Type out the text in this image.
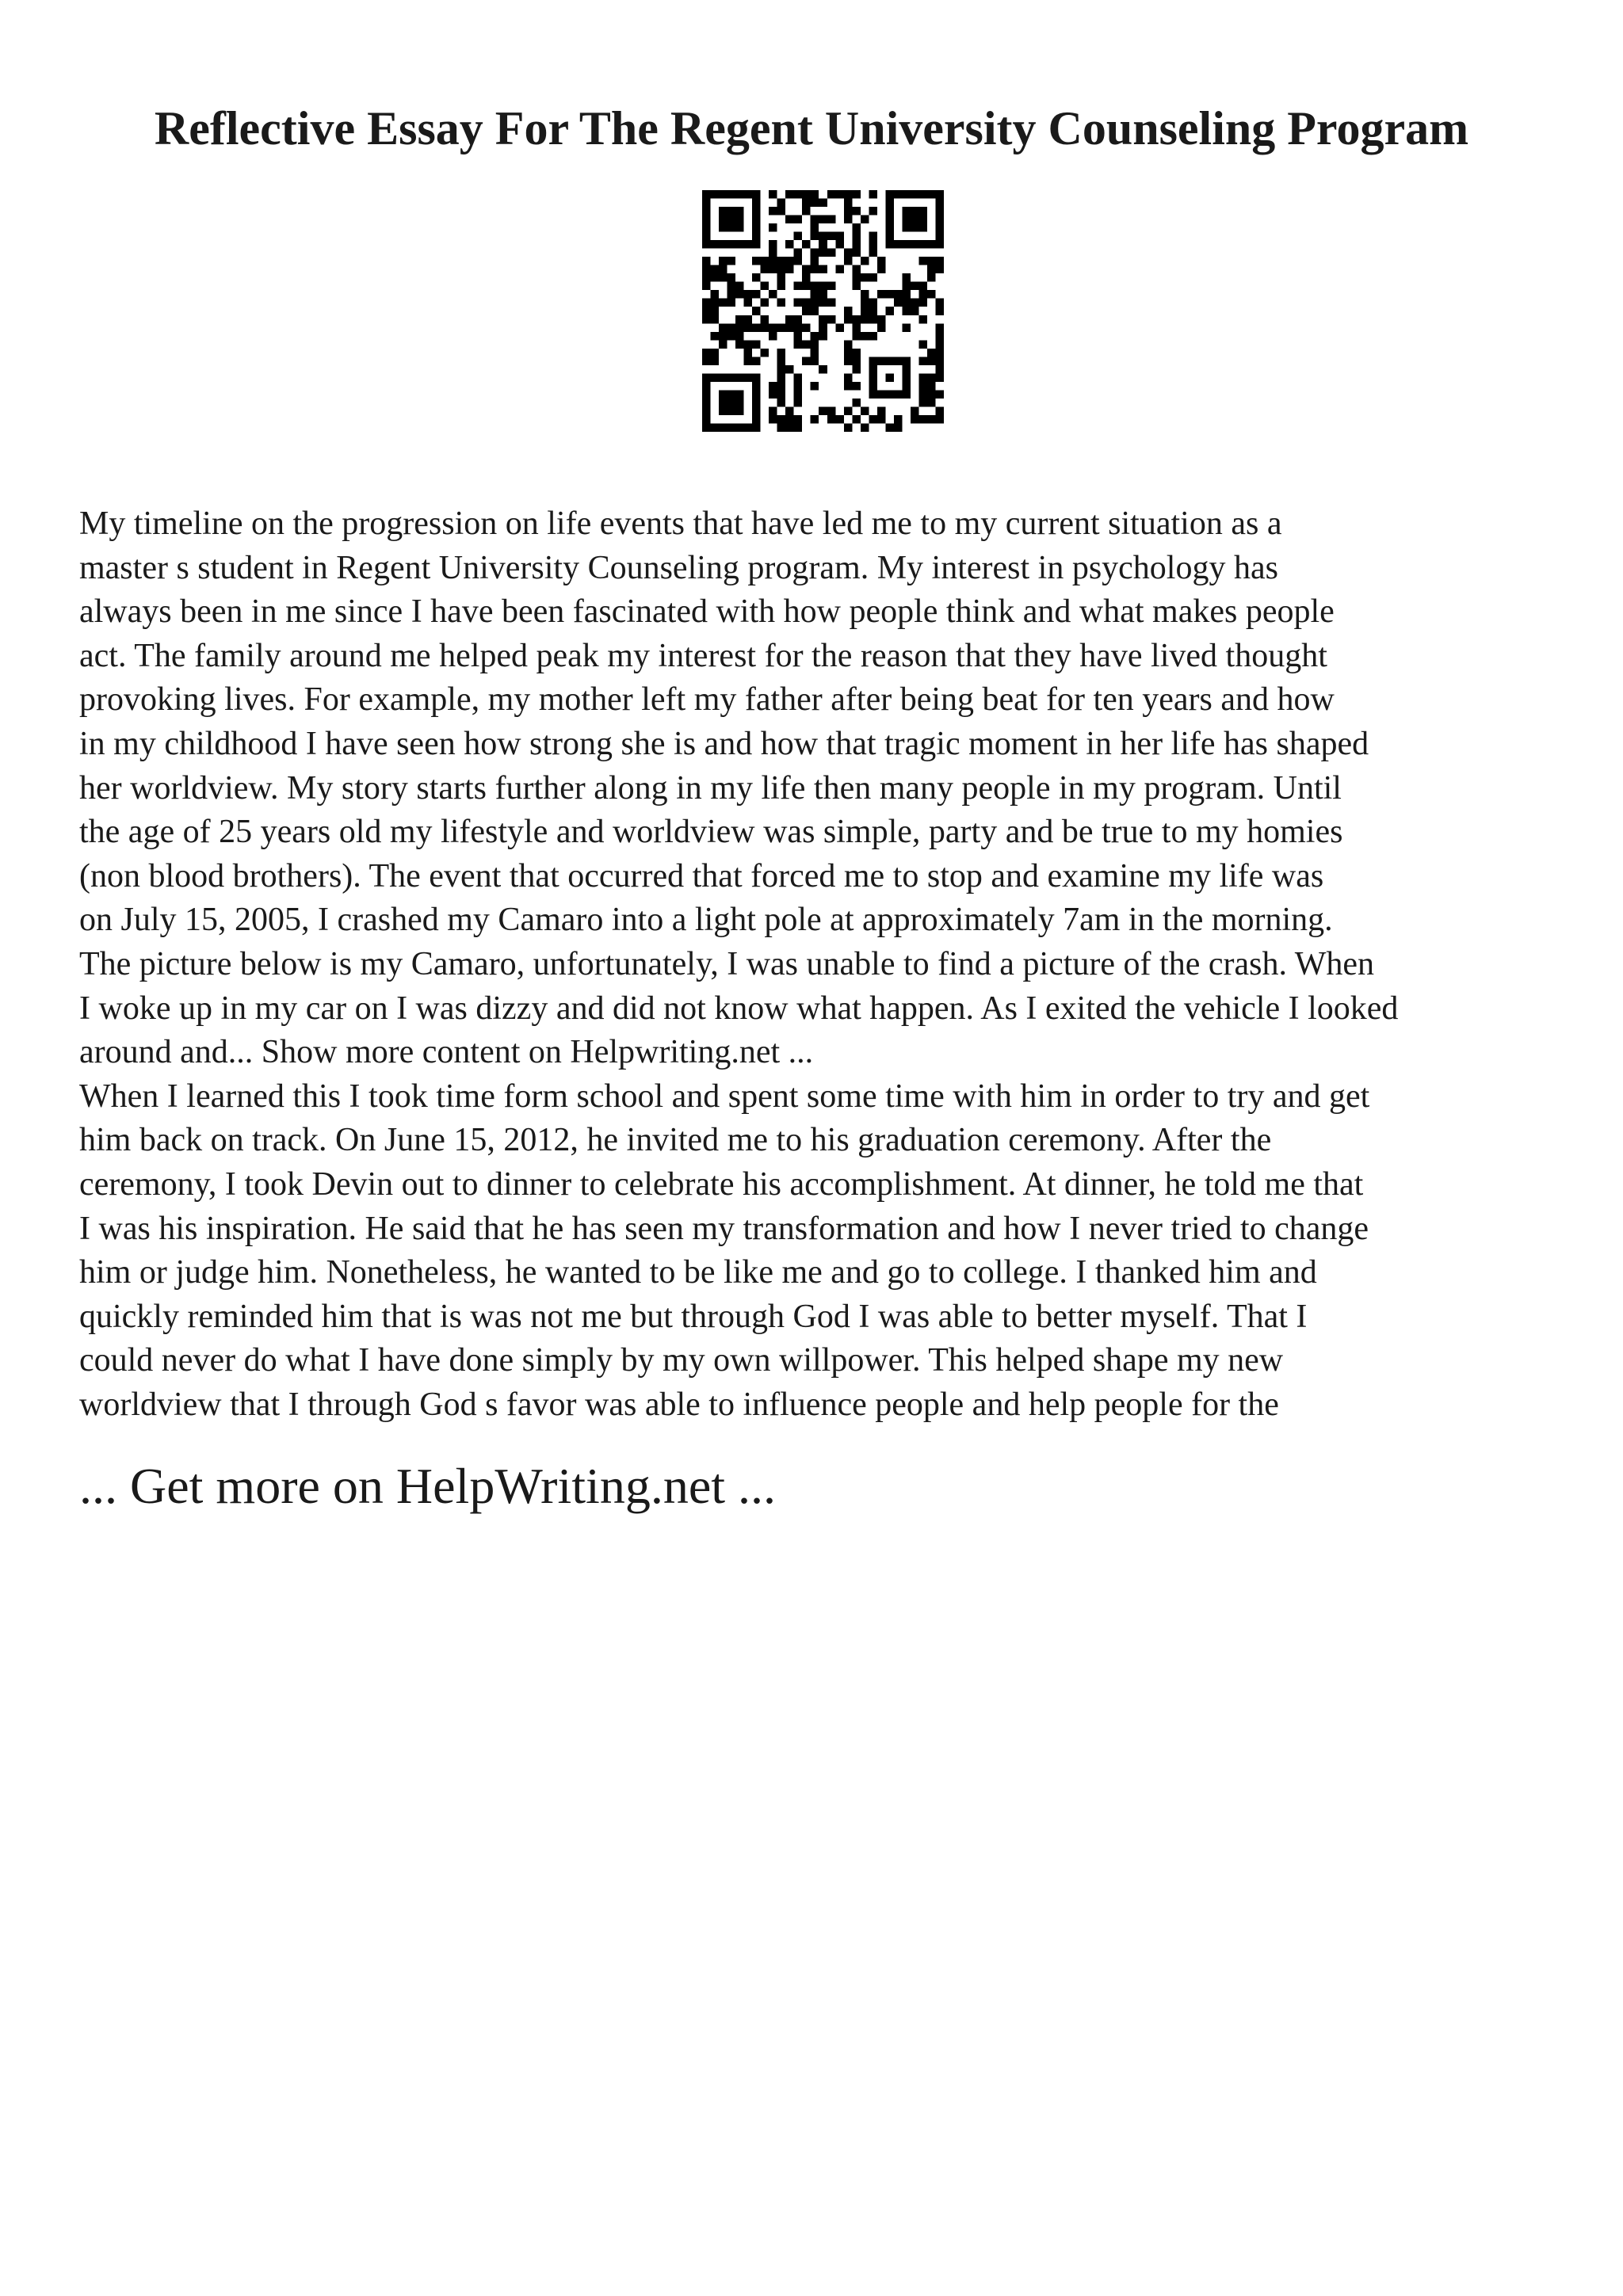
Reflective Essay For The Regent University Counseling Program
My timeline on the progression on life events that have led me to my current situation as a
master s student in Regent University Counseling program. My interest in psychology has
always been in me since I have been fascinated with how people think and what makes people
act. The family around me helped peak my interest for the reason that they have lived thought
provoking lives. For example, my mother left my father after being beat for ten years and how
in my childhood I have seen how strong she is and how that tragic moment in her life has shaped
her worldview. My story starts further along in my life then many people in my program. Until
the age of 25 years old my lifestyle and worldview was simple, party and be true to my homies
(non blood brothers). The event that occurred that forced me to stop and examine my life was
on July 15, 2005, I crashed my Camaro into a light pole at approximately 7am in the morning.
The picture below is my Camaro, unfortunately, I was unable to find a picture of the crash. When
I woke up in my car on I was dizzy and did not know what happen. As I exited the vehicle I looked
around and... Show more content on Helpwriting.net ...
When I learned this I took time form school and spent some time with him in order to try and get
him back on track. On June 15, 2012, he invited me to his graduation ceremony. After the
ceremony, I took Devin out to dinner to celebrate his accomplishment. At dinner, he told me that
I was his inspiration. He said that he has seen my transformation and how I never tried to change
him or judge him. Nonetheless, he wanted to be like me and go to college. I thanked him and
quickly reminded him that is was not me but through God I was able to better myself. That I
could never do what I have done simply by my own willpower. This helped shape my new
worldview that I through God s favor was able to influence people and help people for the
... Get more on HelpWriting.net ...
